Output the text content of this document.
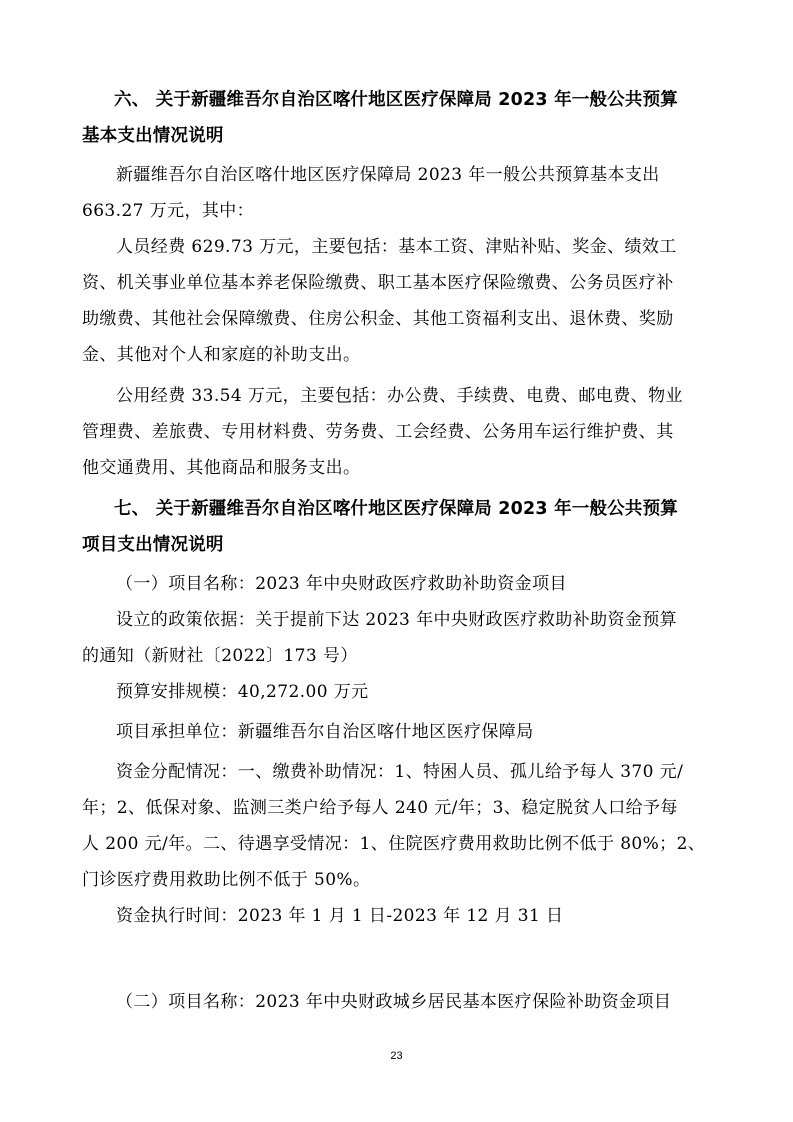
六、 关于新疆维吾尔自治区喀什地区医疗保障局 2023 年一般公共预算
基本支出情况说明
新疆维吾尔自治区喀什地区医疗保障局 2023 年一般公共预算基本支出
663.27 万元，其中：
人员经费 629.73 万元，主要包括：基本工资、津贴补贴、奖金、绩效工
资、机关事业单位基本养老保险缴费、职工基本医疗保险缴费、公务员医疗补
助缴费、其他社会保障缴费、住房公积金、其他工资福利支出、退休费、奖励
金、其他对个人和家庭的补助支出。
公用经费 33.54 万元，主要包括：办公费、手续费、电费、邮电费、物业
管理费、差旅费、专用材料费、劳务费、工会经费、公务用车运行维护费、其
他交通费用、其他商品和服务支出。
七、 关于新疆维吾尔自治区喀什地区医疗保障局 2023 年一般公共预算
项目支出情况说明
（一）项目名称：2023 年中央财政医疗救助补助资金项目
设立的政策依据：关于提前下达 2023 年中央财政医疗救助补助资金预算
的通知（新财社〔2022〕173 号）
预算安排规模：40,272.00 万元
项目承担单位：新疆维吾尔自治区喀什地区医疗保障局
资金分配情况：一、缴费补助情况：1、特困人员、孤儿给予每人 370 元/
年；2、低保对象、监测三类户给予每人 240 元/年；3、稳定脱贫人口给予每
人 200 元/年。二、待遇享受情况：1、住院医疗费用救助比例不低于 80%；2、
门诊医疗费用救助比例不低于 50%。
资金执行时间：2023 年 1 月 1 日-2023 年 12 月 31 日
（二）项目名称：2023 年中央财政城乡居民基本医疗保险补助资金项目
23
